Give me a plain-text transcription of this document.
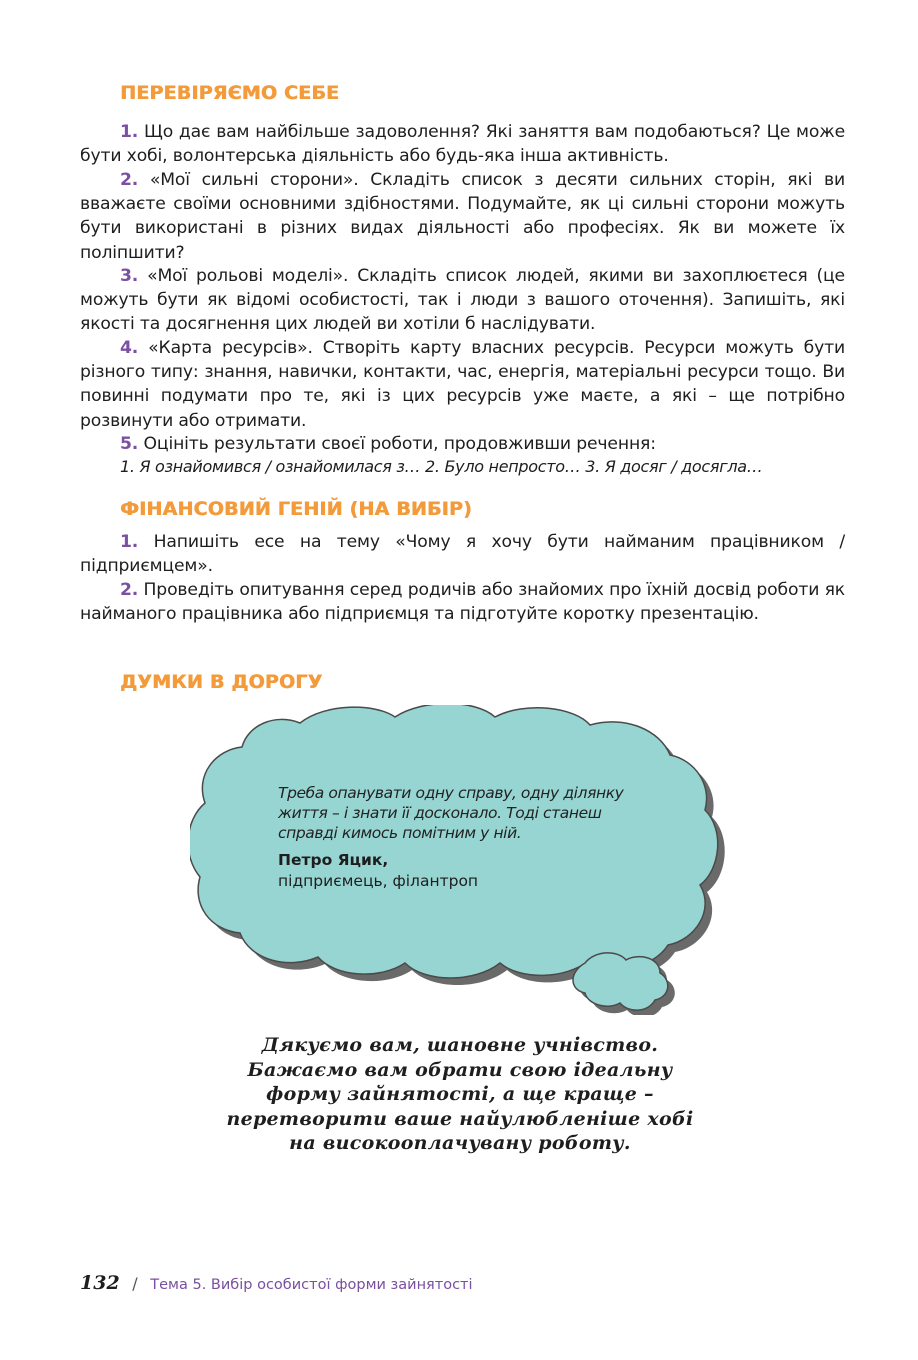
ПЕРЕВІРЯЄМО СЕБЕ

1. Що дає вам найбільше задоволення? Які заняття вам подобаються? Це може бути хобі, волонтерська діяльність або будь-яка інша активність.

2. «Мої сильні сторони». Складіть список з десяти сильних сторін, які ви вважаєте своїми основними здібностями. Подумайте, як ці сильні сторони можуть бути використані в різних видах діяльності або професіях. Як ви можете їх поліпшити?

3. «Мої рольові моделі». Складіть список людей, якими ви захоплюєтеся (це можуть бути як відомі особистості, так і люди з вашого оточення). Запишіть, які якості та досягнення цих людей ви хотіли б наслідувати.

4. «Карта ресурсів». Створіть карту власних ресурсів. Ресурси можуть бути різного типу: знання, навички, контакти, час, енергія, матеріальні ресурси тощо. Ви повинні подумати про те, які із цих ресурсів уже маєте, а які – ще потрібно розвинути або отримати.

5. Оцініть результати своєї роботи, продовживши речення:

1. Я ознайомився / ознайомилася з… 2. Було непросто… 3. Я досяг / досягла…
ФІНАНСОВИЙ ГЕНІЙ (НА ВИБІР)

1. Напишіть есе на тему «Чому я хочу бути найманим працівником / підприємцем».

2. Проведіть опитування серед родичів або знайомих про їхній досвід роботи як найманого працівника або підприємця та підготуйте коротку презентацію.

ДУМКИ В ДОРОГУ
Треба опанувати одну справу, одну ділянку життя – і знати її досконало. Тоді станеш справді кимось помітним у ній.
Петро Яцик,
підприємець, філантроп
Дякуємо вам, шановне учнівство.
Бажаємо вам обрати свою ідеальну
форму зайнятості, а ще краще –
перетворити ваше найулюбленіше хобі
на високооплачувану роботу.
132 / Тема 5. Вибір особистої форми зайнятості
